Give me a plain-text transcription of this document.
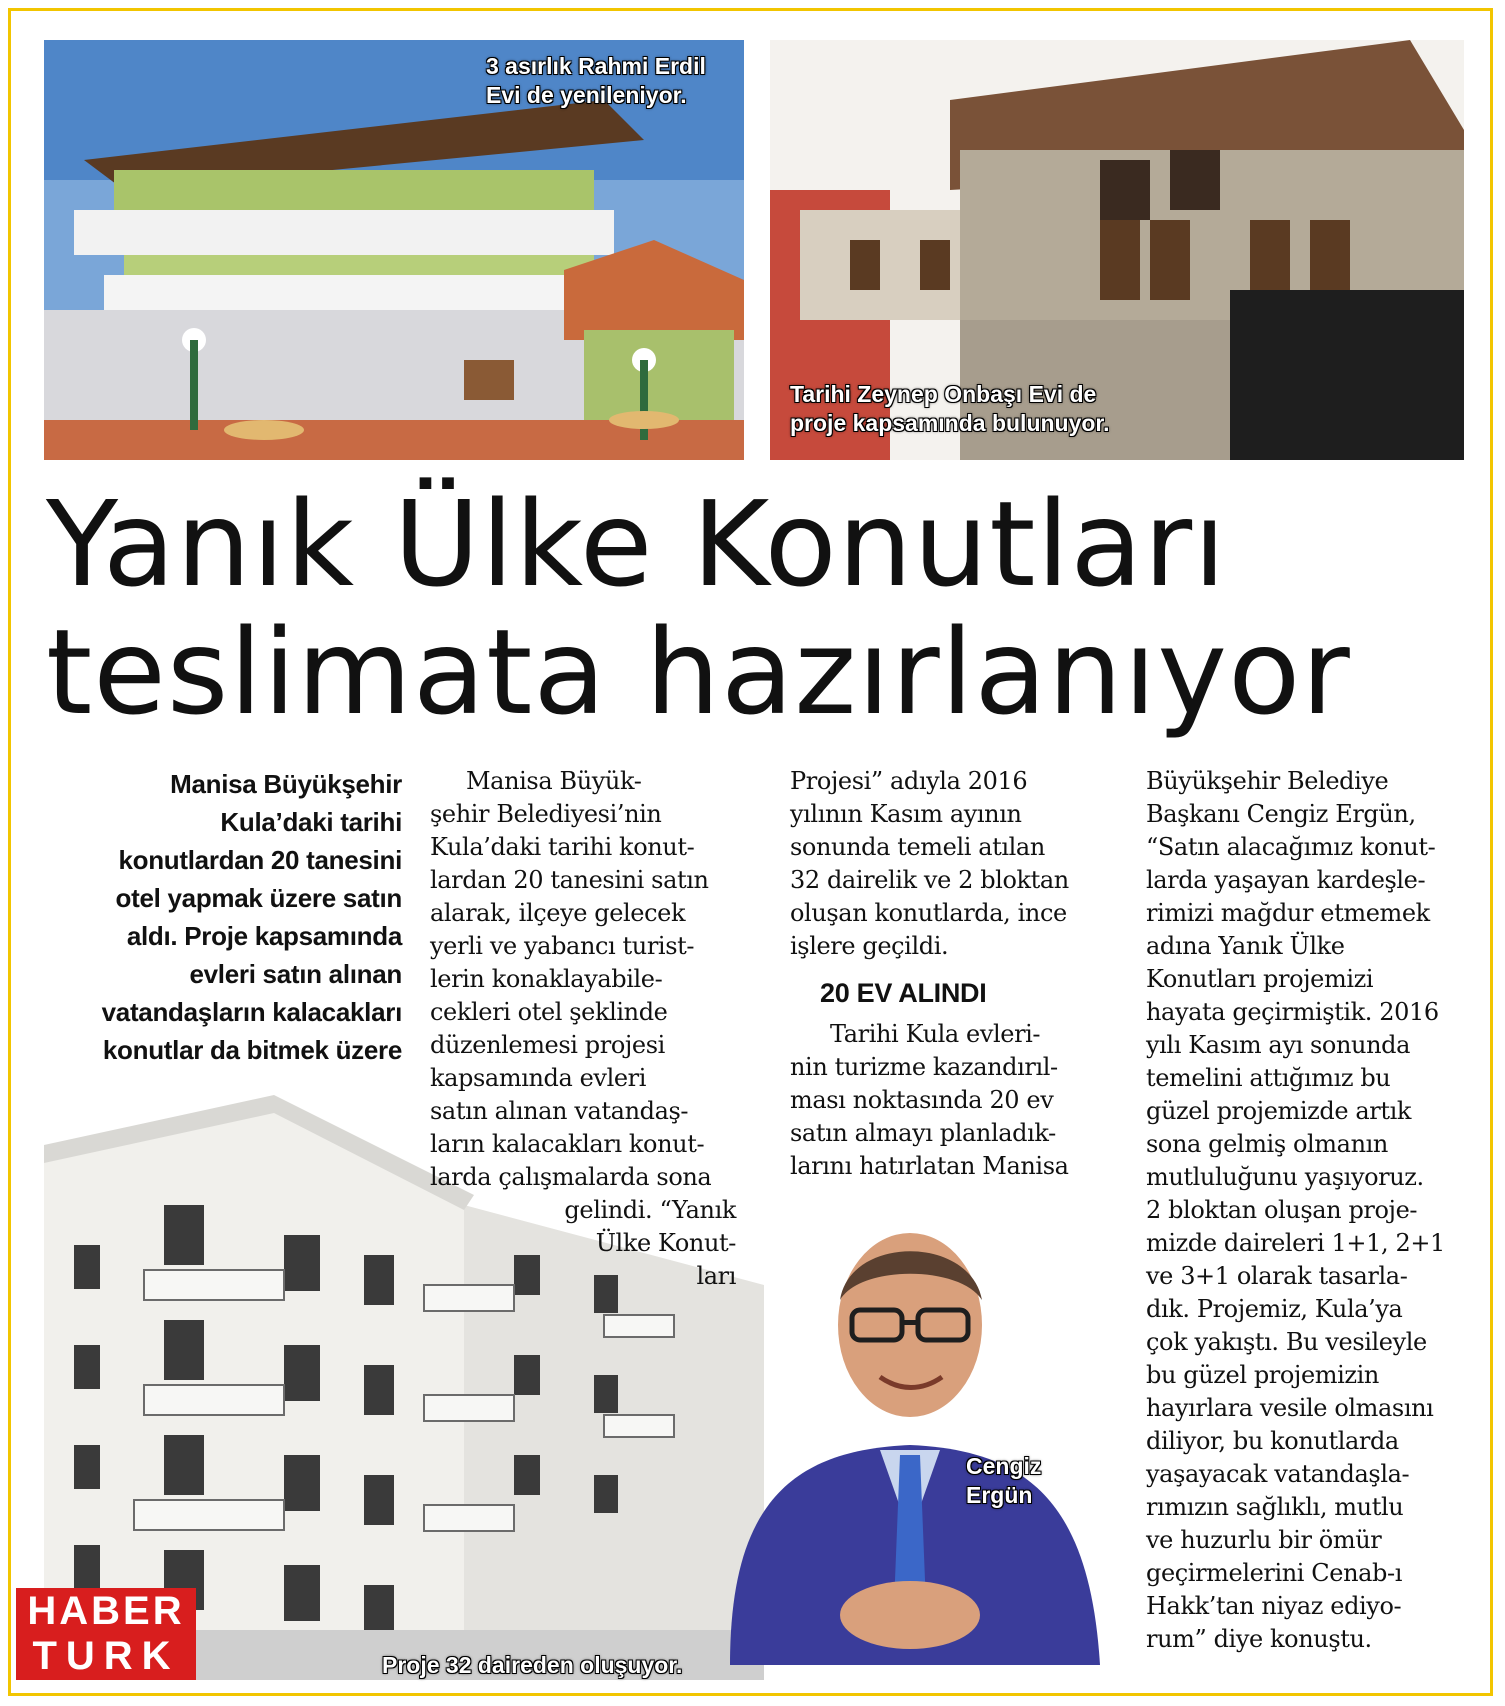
3 asırlık Rahmi Erdil
Evi de yenileniyor.
Tarihi Zeynep Onbaşı Evi de
proje kapsamında bulunuyor.
Yanık Ülke Konutları
teslimata hazırlanıyor
Manisa Büyükşehir
Kula’daki tarihi
konutlardan 20 tanesini
otel yapmak üzere satın
aldı. Proje kapsamında
evleri satın alınan
vatandaşların kalacakları
konutlar da bitmek üzere
Proje 32 daireden oluşuyor.
Manisa Büyük-
şehir Belediyesi’nin
Kula’daki tarihi konut-
lardan 20 tanesini satın
alarak, ilçeye gelecek
yerli ve yabancı turist-
lerin konaklayabile-
cekleri otel şeklinde
düzenlemesi projesi
kapsamında evleri
satın alınan vatandaş-
ların kalacakları konut-
larda çalışmalarda sona
gelindi. “Yanık
Ülke Konut-
ları
Projesi” adıyla 2016
yılının Kasım ayının
sonunda temeli atılan
32 dairelik ve 2 bloktan
oluşan konutlarda, ince
işlere geçildi.
20 EV ALINDI
Tarihi Kula evleri-
nin turizme kazandırıl-
ması noktasında 20 ev
satın almayı planladık-
larını hatırlatan Manisa
Cengiz
Ergün
Büyükşehir Belediye
Başkanı Cengiz Ergün,
“Satın alacağımız konut-
larda yaşayan kardeşle-
rimizi mağdur etmemek
adına Yanık Ülke
Konutları projemizi
hayata geçirmiştik. 2016
yılı Kasım ayı sonunda
temelini attığımız bu
güzel projemizde artık
sona gelmiş olmanın
mutluluğunu yaşıyoruz.
2 bloktan oluşan proje-
mizde daireleri 1+1, 2+1
ve 3+1 olarak tasarla-
dık. Projemiz, Kula’ya
çok yakıştı. Bu vesileyle
bu güzel projemizin
hayırlara vesile olmasını
diliyor, bu konutlarda
yaşayacak vatandaşla-
rımızın sağlıklı, mutlu
ve huzurlu bir ömür
geçirmelerini Cenab-ı
Hakk’tan niyaz ediyo-
rum” diye konuştu.
HABER
TURK
